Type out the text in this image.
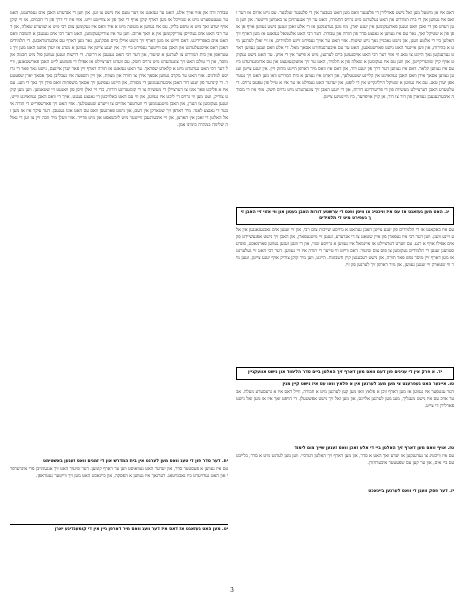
דאס איז אן מיטעל מען זאל נישט פארלירן די פלעגער וואס מען האט בעבער אין די פלעגער זעלבער. עס גייט ארום אז דער וואס איז געווען אין די בית המדרש און האט געלערנט מיט גרויס התמדה, האט ער זיך אנגעהויבן צו באמיען ווייטער. און ווען מען רעדט פון די זאכן וואס זענען פארגעקומען אין יענע יארן, מוז מען געדענקען אז די אלע זאכן זענען נישט געווען אויף אן אופן פון א שטיקל זאך, נאר עס איז געווען א גאנצע סדר פון תורה און עבודה. דער רבי האט אלעמאל געזאגט אז מען דארף זיך האלטן ביי די אלטע וועגן, און נישט נאכגיין נאך נייע שיטות. אזוי האט ער אויך געפירט זיינע תלמידים, אז זיי זאלן לערנען מיט א בהירות, און ווען איינער האט נישט פארשטאנען, האט ער עס איבערגעחזרט אסאך מאל. די אלע וואס זענען געווען דארט געדענקען נאך היינט צו טאג ווי אזוי דער רבי האט אויסגעזען ביים לערנען, מיט א פייער אין די אויגן. ער האט נישט געקוקט אויף קיין שוועריקייטן, און ווען עס איז געקומען א שאלה פון א תלמיד, האט ער זיך אוועקגעזעצט און עס ארומגערעדט ביז עס איז געווען קלאר. דאס איז געווען דער דרך פון יענע דור, און דאס איז וואס מיר דארפן היינט מחזק זיין. אין יענע צייטן זענען געווען אסאך אידן וואס האבן געוואוינט אין קליינע שטעטלעך, און דארט איז געווען א בית המדרש וואו מען האט זיך געטראפן יעדן טאג. עס איז געווען א שטיקל הייליגקייט אין די לופט, און יעדער האט געפילט אז ער איז א טייל פון עפעס גרויס. די עלטערע האבן דערציילט מעשיות פון די פריערדיגע דורות, און די יונגע האבן זיך צוגעהערט מיט גרויס חשק. אזוי איז די מסורה איבערגעגעבן געווארן פון דור צו דור, אן קיין אויפהער, ביז היינטיגע צייטן.

יג. האט מען געזאגט אז עס איז וויכטיג צו וויסן וואס די ערשטע דורות האבן געטון און ווי אזוי זיי האבן זיך געפירט מיט די תלמידים

עס איז באקאנט אז די תלמידים פון יענע צייטן האבן געהאט א גרויסע שייכות צום רבי, און זיי זענען אים נאכגעגאנגען אין אלע זיינע וועגן. ווען דער רבי איז געפארן פון איין שטאט צו די אנדערע, זענען זיי מיטגעפארן, און האבן זיך נישט אפגעשיידט פון אים אפילו אויף א רגע. עס ווערט דערציילט אז איינמאל איז געווען א גרויסע שניי, און די וועגן זענען געווען פארמאכט, פונדעסטוועגן זענען די תלמידים געקומען צו פוס צום שיעור. דאס ווייזט ווי טייער די תורה איז זיי געווען. דער רבי האט זיי געלערנט אז מען דארף זיין מוסר נפש פאר תורה, און נישט רעכענען קיין חשבונות. היינט, ווען מיר קוקן צוריק אויף יענע צייטן, זעען מיר ווי שטארק זיי זענען געווען, און מיר דארפן זיך לערנען פון זיי.

יד. א פרק אין די ענינים פון דעם וואס מען דארף זיך האלטן ביים סדר הלימוד און נישט אוועקגיין

טו. איינער האט געפרעגט צי מען מעג לערנען אין א פלאץ וואו עס איז נישט קיין מנין

דער ענטפער איז געווען אז מען דארף זוכן א פלאץ וואו מען קען לערנען מיט א חבורה, ווייל דאס איז א גרעסערע מעלה. אבער אויב עס איז נישט מעגליך, מעג מען לערנען אליינס, און מען זאל זיך נישט אפשטעלן. די הויפט זאך איז אז מען זאל נישט פארלירן די צייט.

טז. אויף וואס מען דארף זיך האלטן ביי די אלע זאכן וואס זענען שייך צום לימוד

עס איז וויכטיג צו געדענקען אז יעדע זאך האט א סדר, און מען דארף זיך האלטן דערביי. ווען מען לערנט מיט א סדר, בלייבט עס ביי אים, און ער קען עס שפעטער איבערחזרן.

יז. דער פסק וועגן די וואס לערנען ביינאכט

עבודה זרה און אזוי אויך אלע, האט ער געזאגט אז דער טעם איז נישט צו זען. און ווען די אנדערע האבן אים געפרעגט, האט ער געענטפערט מיט א שמייכל אז מען דארף קוקן אויף די זאך פון א צווייטע זייט. אזוי איז די דרך פון די חכמים, אז זיי קוקן אויף יעדע זאך מיט א טיפע בליק. עס איז געווען א מעשה מיט א איד וואס איז געקומען צום רבי מיט א שווערע שאלה, און דער רבי האט אים געהייסן צוריקקומען אין א וואך ארום. ווען ער איז צוריקגעקומען, האט דער רבי אים געגעבן א תשובה וואס האט אים באפרידיגט. דאס ווייזט אז מען דארף זיך נישט איילן ביים פסק'נען, נאר מען דארף עס איבערטראכטן. די תלמידים האבן דאס אויסגעלערנט און האבן עס ווייטער געפירט ביי זיך. אין יענע צייטן איז געווען א מנהג אז יעדן אוונט האט מען זיך געטראפן אין בית המדרש צו לערנען א שיעור, און דער רבי האט געגעבן א דרשה. די דרשות זענען געווען פול מיט חכמה און מוסר, און די עולם האט זיך צוגעהערט מיט גרויס חשק. עס ווערט דערציילט אז אפילו די פשוטע לייט האבן פארשטאנען, ווייל דער רבי האט גערעדט מיט א קלארע שפראך. ער האט געזאגט אז תורה דארף זיין פאר יעדן איינעם, נישט נאר פאר די גרויסע למדנים. אזוי האט ער מקרב געווען אסאך אידן צו תורה און מצוות, און זיין השפעה איז געבליבן נאך אסאך יארן שפעטער. די קינדער פון יענע דור האבן איבערגענומען די מסורה, און היינט געפינען זיך אסאך משפחות וואס פירן זיך נאך די וועג. עס איז א פליכט פאר אונז צו דערציילן די מעשיות צו די קומענדיגע דורות, כדי זיי זאלן וויסן פון וואנעט זיי שטאמען. ווען מען קוקט צוריק, זעט מען ווי גרויס די ליכט איז געווען, און ווי עס האט באלויכטן די גאנצע געגנט. אויך די וואס האבן געוואוינט ווייט, זענען געקומען צו הערן, און האבן מיטגענומען די ווערטער אהיים צו זייערע שטעטלעך. אזוי האט זיך פארשפרייט די תורה איבער די גאנצע לאנד. מיר דארפן זיך שטארקן אין דעם, און נישט פארגעסן וואס עס האט אונז געגעבן. דער עיקר איז אז מען זאל האלטן די זאכן אין הארצן, און זיי איבערגעבן ווייטער מיט ליבשאפט און מיט פרייד. אזוי וועלן מיר זוכה זיין צו זען די גאולה שלימה במהרה בימינו אמן.

יח. דער סדר פון די טעג וואס מען לערנט אין בית המדרש און די זמנים וואס זענען באשטימט

עס איז געווען א פעסטער סדר, און יעדער האט געוואוסט ווען ער דארף קומען. דער שיעור האט זיך אנגעהויבן פרי אינדערפרי און האט געדויערט ביז נאכמיטאג. דערנאך איז געווען א הפסקה, און ביינאכט האט מען זיך ווייטער געטראפן.

יט. מען האט געזאגט אז דאס איז דער וועג וואס מיר דארפן גיין אין די קומענדיגע יארן

3
